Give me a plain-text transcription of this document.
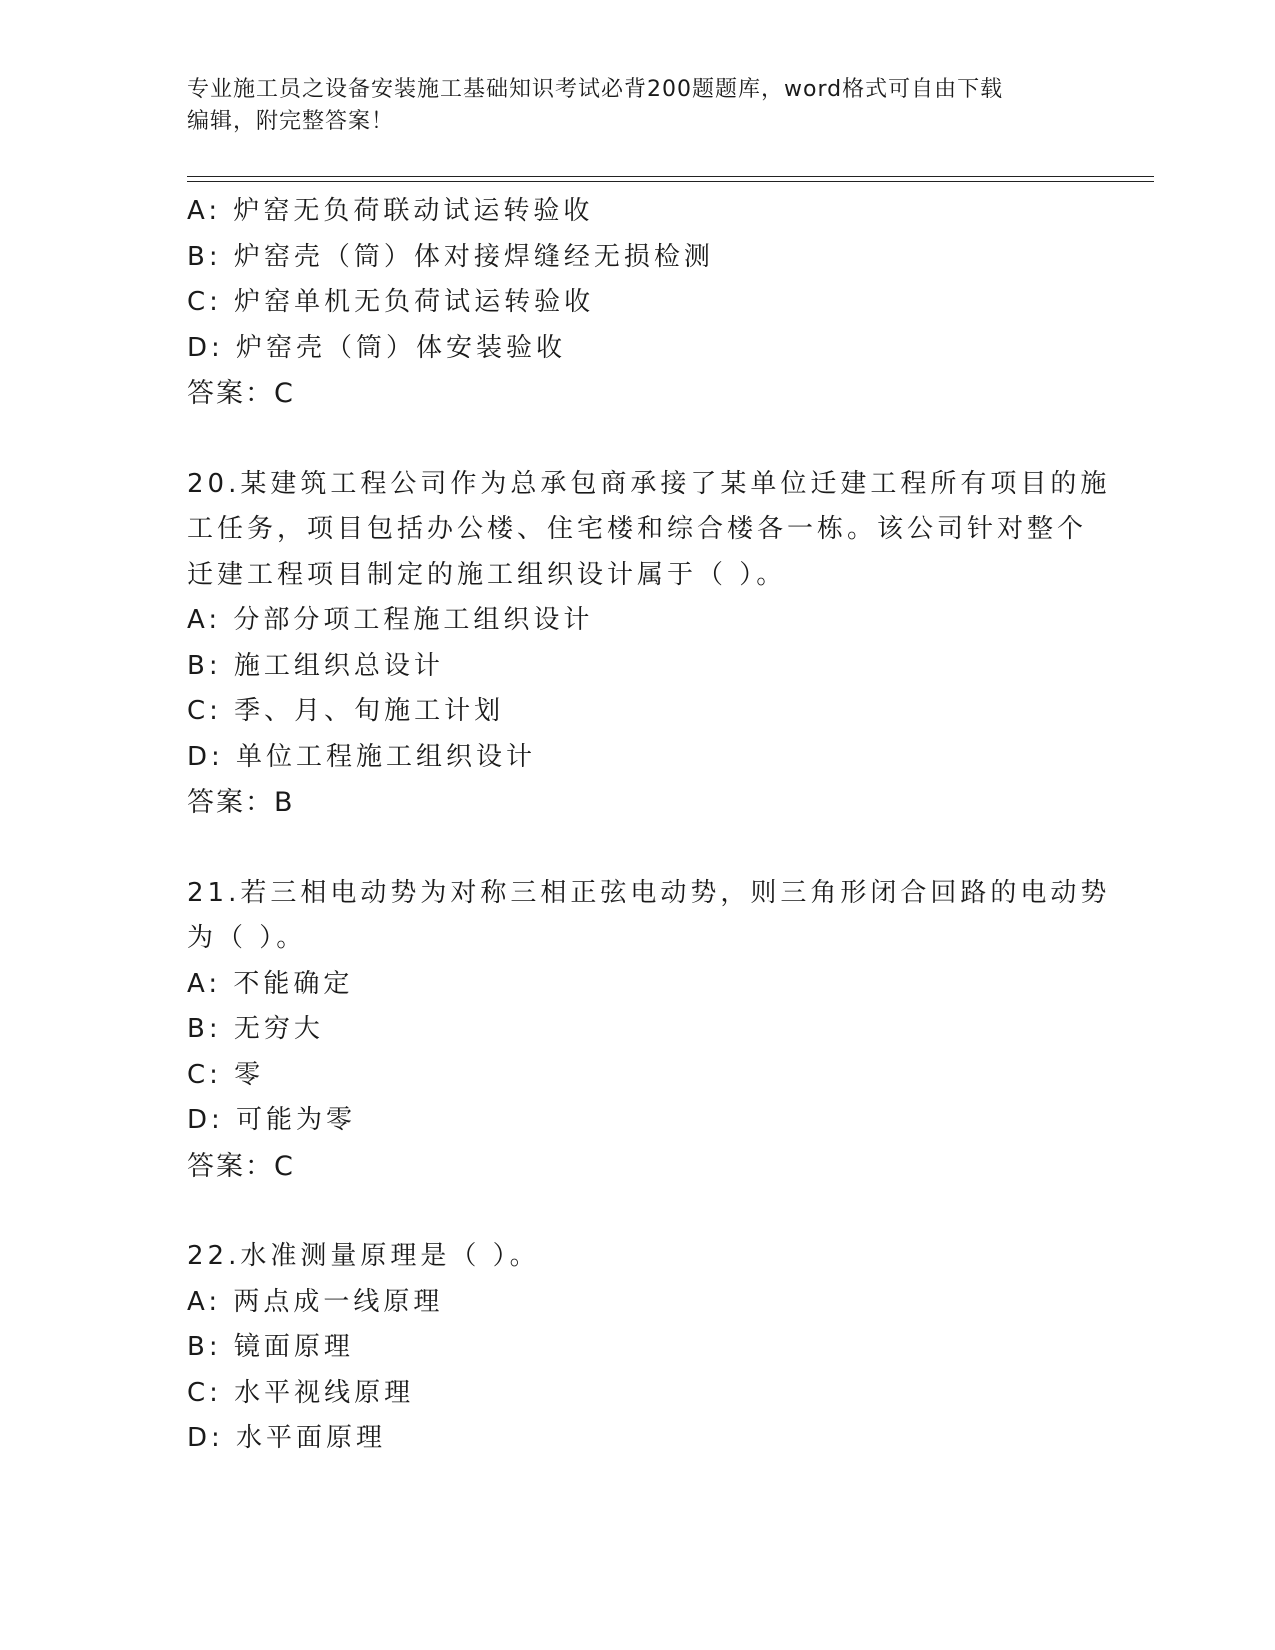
专业施工员之设备安装施工基础知识考试必背200题题库，word格式可自由下载
编辑，附完整答案！
A: 炉窑无负荷联动试运转验收
B: 炉窑壳（筒）体对接焊缝经无损检测
C: 炉窑单机无负荷试运转验收
D: 炉窑壳（筒）体安装验收
答案：C
20.某建筑工程公司作为总承包商承接了某单位迁建工程所有项目的施
工任务，项目包括办公楼、住宅楼和综合楼各一栋。该公司针对整个
迁建工程项目制定的施工组织设计属于（ ）。
A: 分部分项工程施工组织设计
B: 施工组织总设计
C: 季、月、旬施工计划
D: 单位工程施工组织设计
答案：B
21.若三相电动势为对称三相正弦电动势，则三角形闭合回路的电动势
为（ ）。
A: 不能确定
B: 无穷大
C: 零
D: 可能为零
答案：C
22.水准测量原理是（ ）。
A: 两点成一线原理
B: 镜面原理
C: 水平视线原理
D: 水平面原理
